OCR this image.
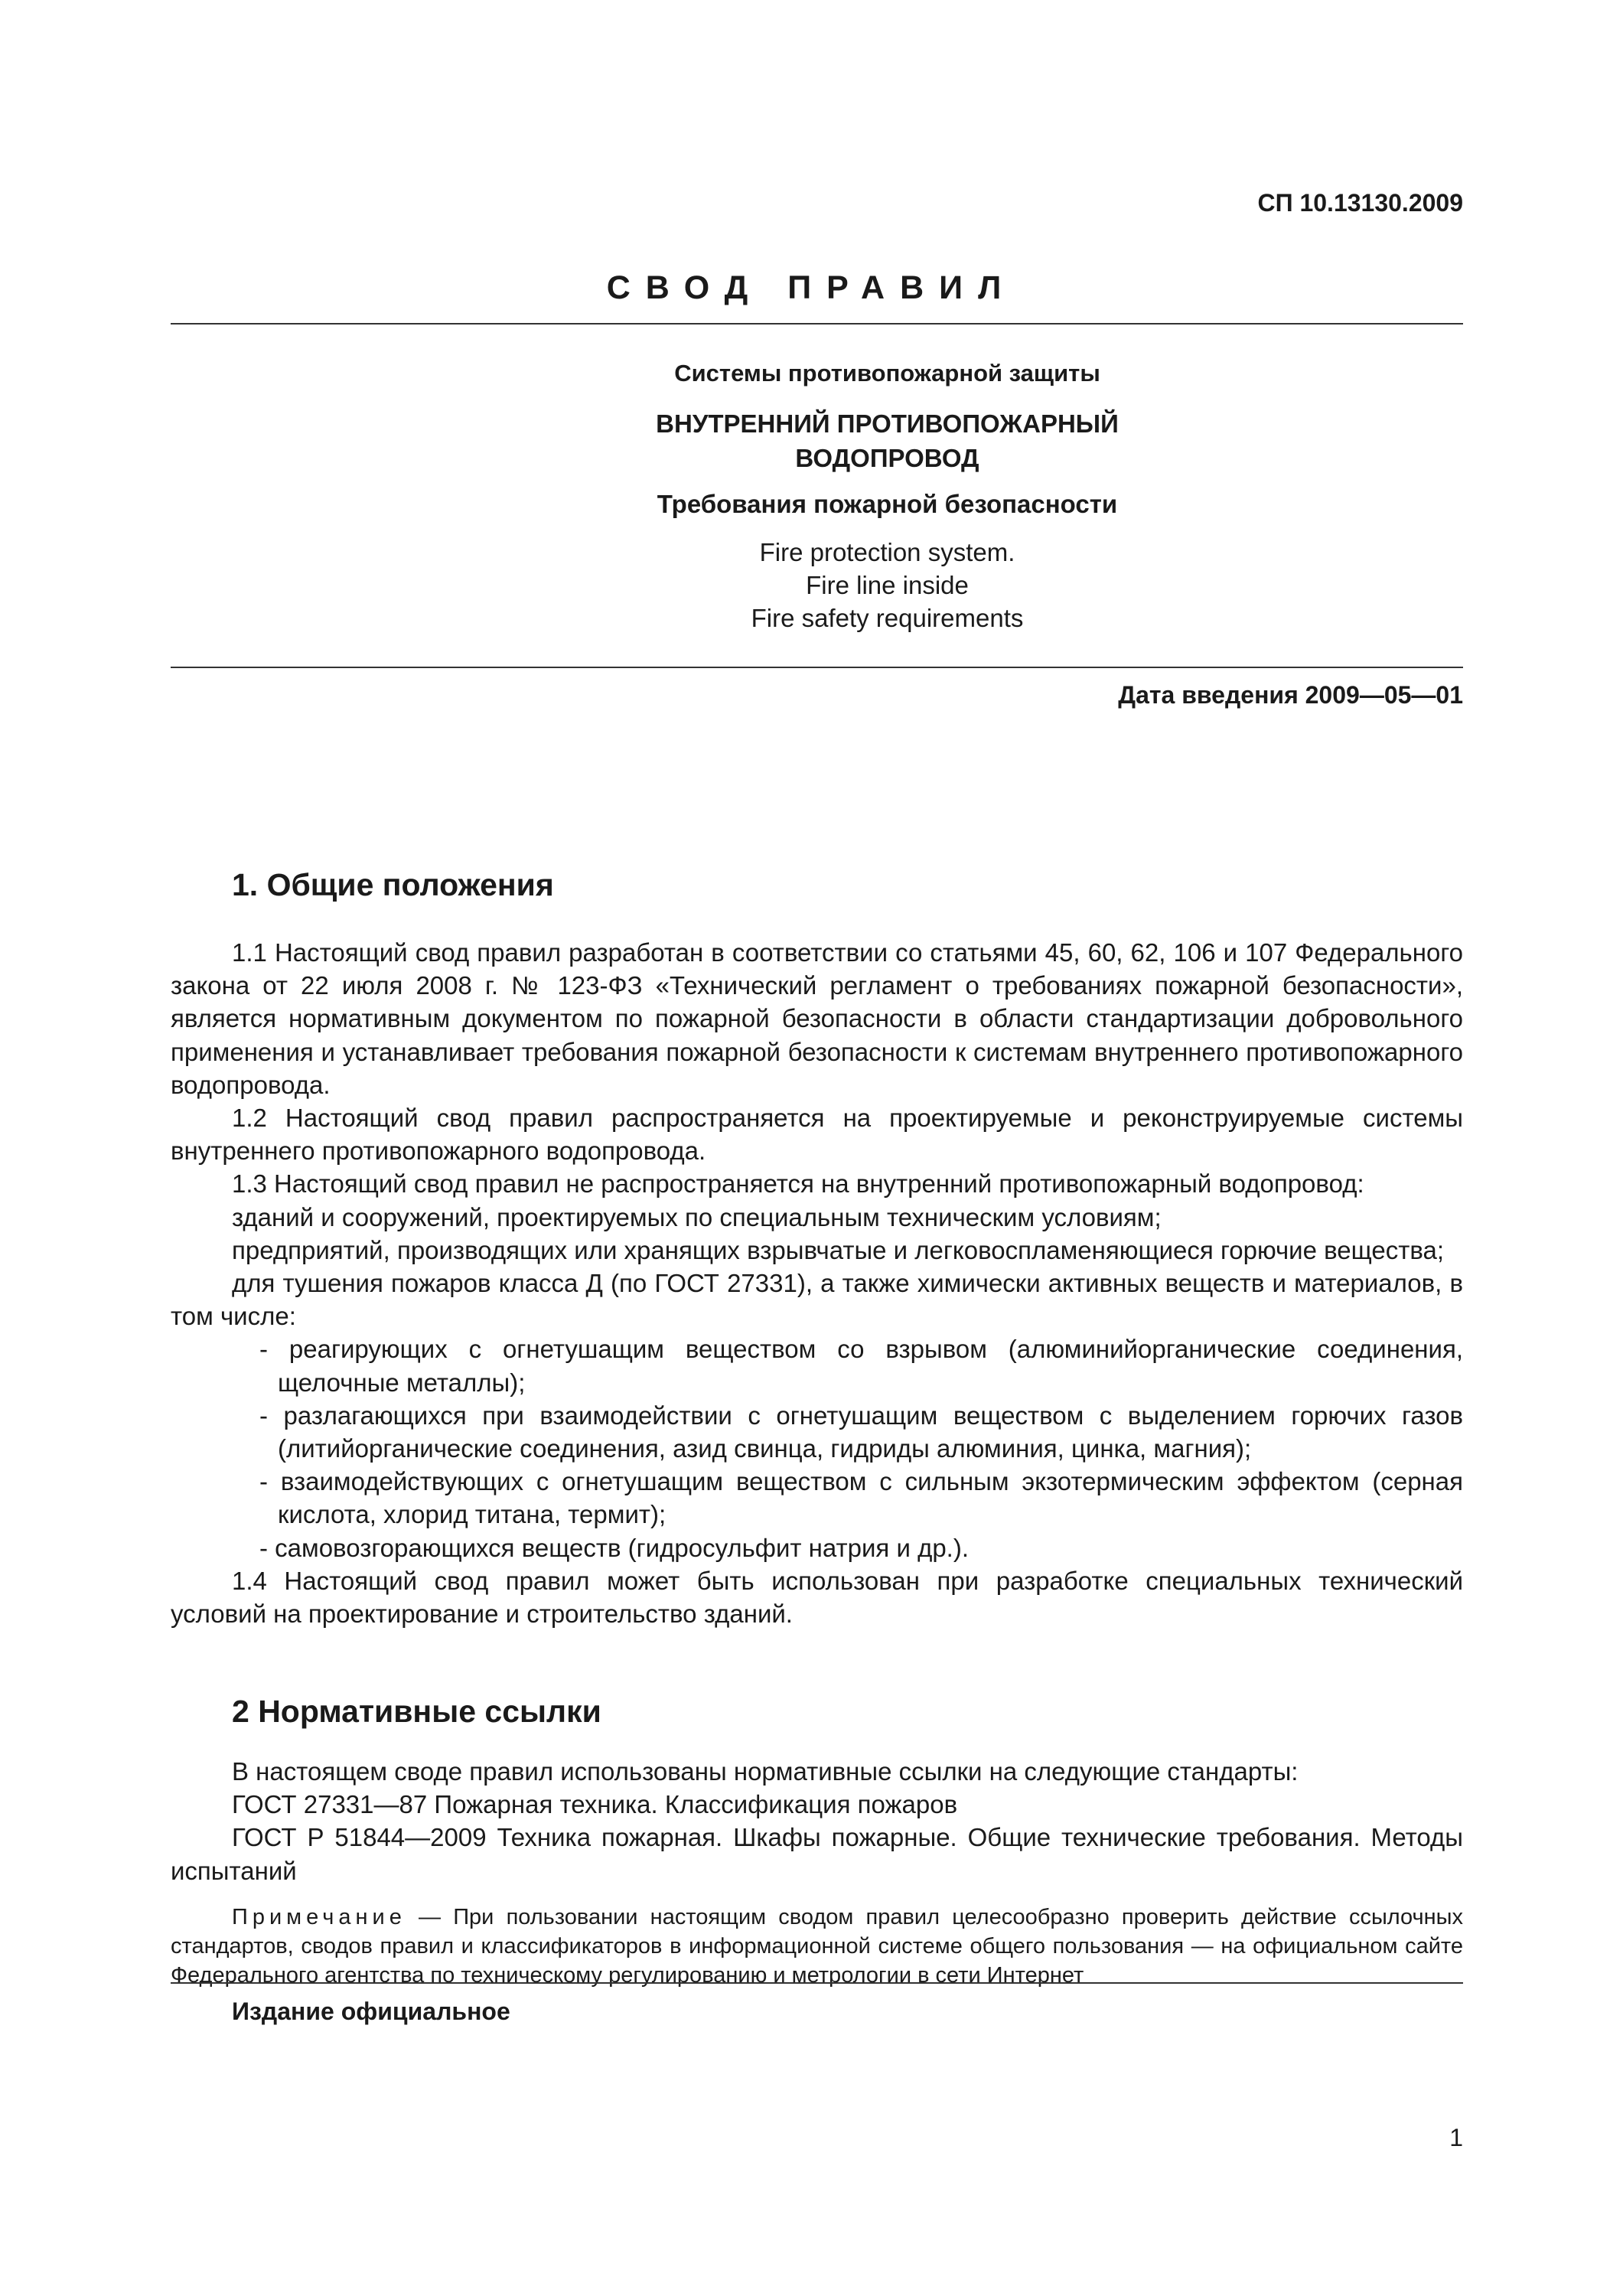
СП 10.13130.2009
СВОД ПРАВИЛ
Системы противопожарной защиты
ВНУТРЕННИЙ ПРОТИВОПОЖАРНЫЙ
ВОДОПРОВОД
Требования пожарной безопасности
Fire protection system.
Fire line inside
Fire safety requirements
Дата введения 2009—05—01
1. Общие положения

1.1 Настоящий свод правил разработан в соответствии со статьями 45, 60, 62, 106 и 107 Федерального закона от 22 июля 2008 г. № 123-ФЗ «Технический регламент о требованиях пожарной безопасности», является нормативным документом по пожарной безопасности в области стандартизации добровольного применения и устанавливает требования пожарной безопасности к системам внутреннего противопожарного водопровода.

1.2 Настоящий свод правил распространяется на проектируемые и реконструируемые системы внутреннего противопожарного водопровода.

1.3 Настоящий свод правил не распространяется на внутренний противопожарный водопровод:

зданий и сооружений, проектируемых по специальным техническим условиям;

предприятий, производящих или хранящих взрывчатые и легковоспламеняющиеся горючие вещества;

для тушения пожаров класса Д (по ГОСТ 27331), а также химически активных веществ и материалов, в том числе:

- реагирующих с огнетушащим веществом со взрывом (алюминийорганические соединения, щелочные металлы);

- разлагающихся при взаимодействии с огнетушащим веществом с выделением горючих газов (литийорганические соединения, азид свинца, гидриды алюминия, цинка, магния);

- взаимодействующих с огнетушащим веществом с сильным экзотермическим эффектом (серная кислота, хлорид титана, термит);

- самовозгорающихся веществ (гидросульфит натрия и др.).

1.4 Настоящий свод правил может быть использован при разработке специальных технический условий на проектирование и строительство зданий.

2 Нормативные ссылки

В настоящем своде правил использованы нормативные ссылки на следующие стандарты:

ГОСТ 27331—87 Пожарная техника. Классификация пожаров

ГОСТ Р 51844—2009 Техника пожарная. Шкафы пожарные. Общие технические требования. Методы испытаний

Примечание — При пользовании настоящим сводом правил целесообразно проверить действие ссылочных стандартов, сводов правил и классификаторов в информационной системе общего пользования — на официальном сайте Федерального агентства по техническому регулированию и метрологии в сети Интернет
Издание официальное
1
